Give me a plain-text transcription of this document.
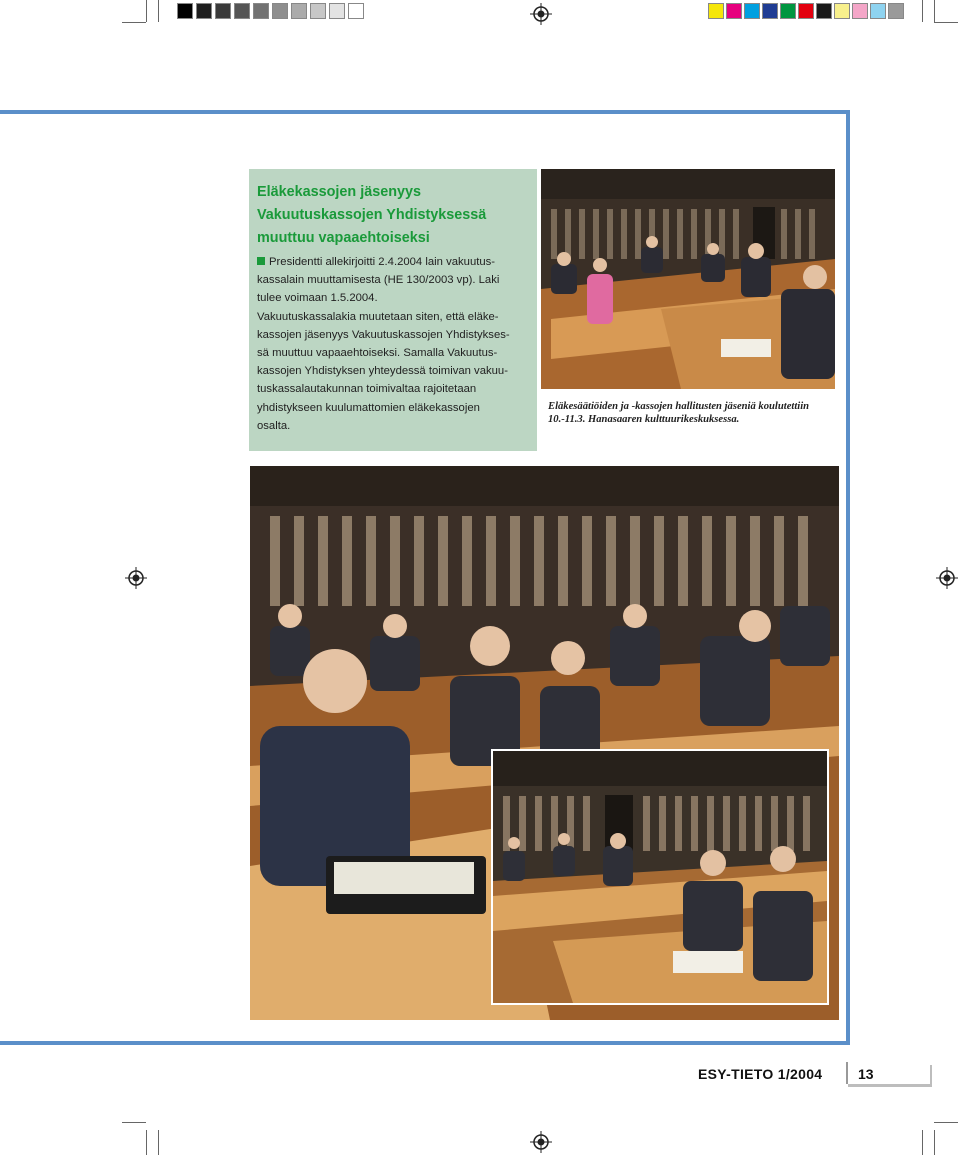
Eläkekassojen jäsenyys
Vakuutuskassojen Yhdistyksessä
muuttuu vapaaehtoiseksi

Presidentti allekirjoitti 2.4.2004 lain vakuutus-
kassalain muuttamisesta (HE 130/2003 vp). Laki
tulee voimaan 1.5.2004.
Vakuutuskassalakia muutetaan siten, että eläke-
kassojen jäsenyys Vakuutuskassojen Yhdistykses-
sä muuttuu vapaaehtoiseksi. Samalla Vakuutus-
kassojen Yhdistyksen yhteydessä toimivan vakuu-
tuskassalautakunnan toimivaltaa rajoitetaan
yhdistykseen kuulumattomien eläkekassojen
osalta.

Eläkesäätiöiden ja -kassojen hallitusten jäseniä koulutettiin
10.-11.3. Hanasaaren kulttuurikeskuksessa.
ESY-TIETO 1/2004	13
